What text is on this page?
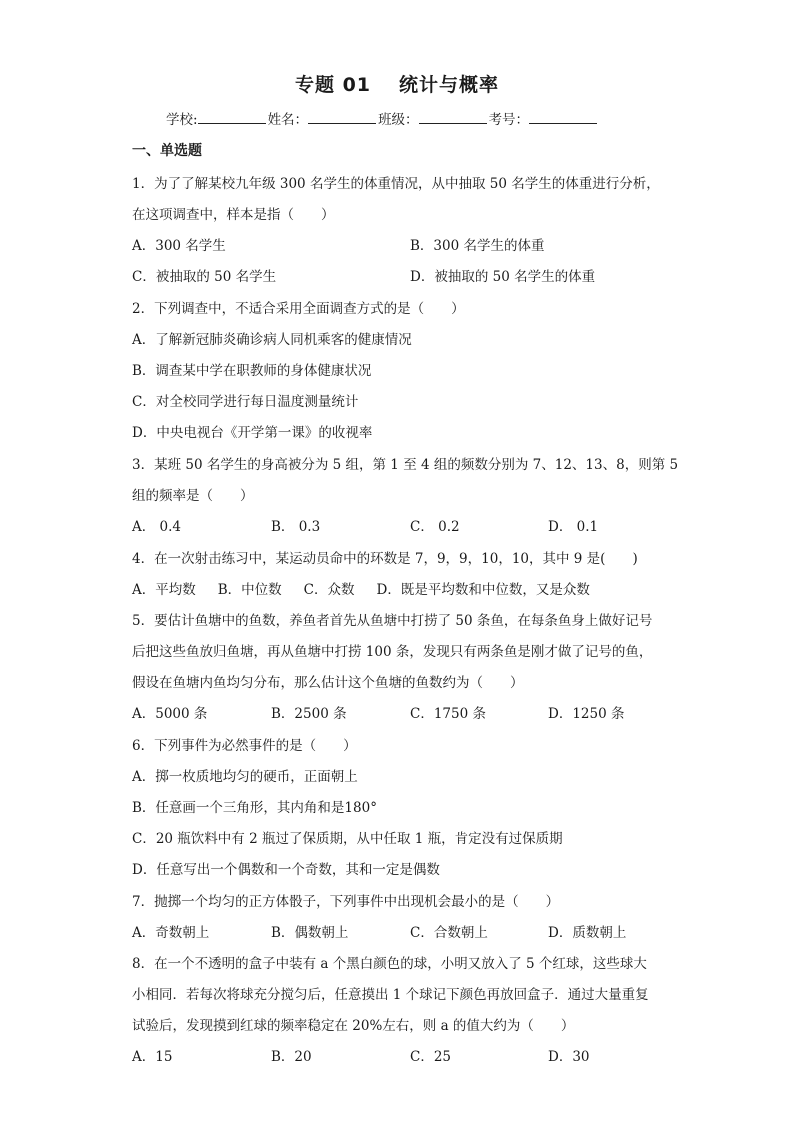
专题 01 统计与概率
学校:	姓名：	班级：	考号：
一、单选题
1．为了了解某校九年级 300 名学生的体重情况，从中抽取 50 名学生的体重进行分析，
在这项调查中，样本是指（　　）
A．300 名学生	B．300 名学生的体重
C．被抽取的 50 名学生	D．被抽取的 50 名学生的体重
2．下列调查中，不适合采用全面调查方式的是（　　）
A．了解新冠肺炎确诊病人同机乘客的健康情况
B．调查某中学在职教师的身体健康状况
C．对全校同学进行每日温度测量统计
D．中央电视台《开学第一课》的收视率
3．某班 50 名学生的身高被分为 5 组，第 1 至 4 组的频数分别为 7、12、13、8，则第 5
组的频率是（　　）
A． 0.4	B． 0.3	C． 0.2	D． 0.1
4．在一次射击练习中，某运动员命中的环数是 7，9，9，10，10，其中 9 是(　　)
A．平均数 B．中位数 C．众数 D．既是平均数和中位数，又是众数
5．要估计鱼塘中的鱼数，养鱼者首先从鱼塘中打捞了 50 条鱼，在每条鱼身上做好记号
后把这些鱼放归鱼塘，再从鱼塘中打捞 100 条，发现只有两条鱼是刚才做了记号的鱼，
假设在鱼塘内鱼均匀分布，那么估计这个鱼塘的鱼数约为（　　）
A．5000 条	B．2500 条	C．1750 条	D．1250 条
6．下列事件为必然事件的是（　　）
A．掷一枚质地均匀的硬币，正面朝上
B．任意画一个三角形，其内角和是180°
C．20 瓶饮料中有 2 瓶过了保质期，从中任取 1 瓶，肯定没有过保质期
D．任意写出一个偶数和一个奇数，其和一定是偶数
7．抛掷一个均匀的正方体骰子，下列事件中出现机会最小的是（　　）
A．奇数朝上	B．偶数朝上	C．合数朝上	D．质数朝上
8．在一个不透明的盒子中装有 a 个黑白颜色的球，小明又放入了 5 个红球，这些球大
小相同．若每次将球充分搅匀后，任意摸出 1 个球记下颜色再放回盒子．通过大量重复
试验后，发现摸到红球的频率稳定在 20%左右，则 a 的值大约为（　　）
A．15	B．20	C．25	D．30
